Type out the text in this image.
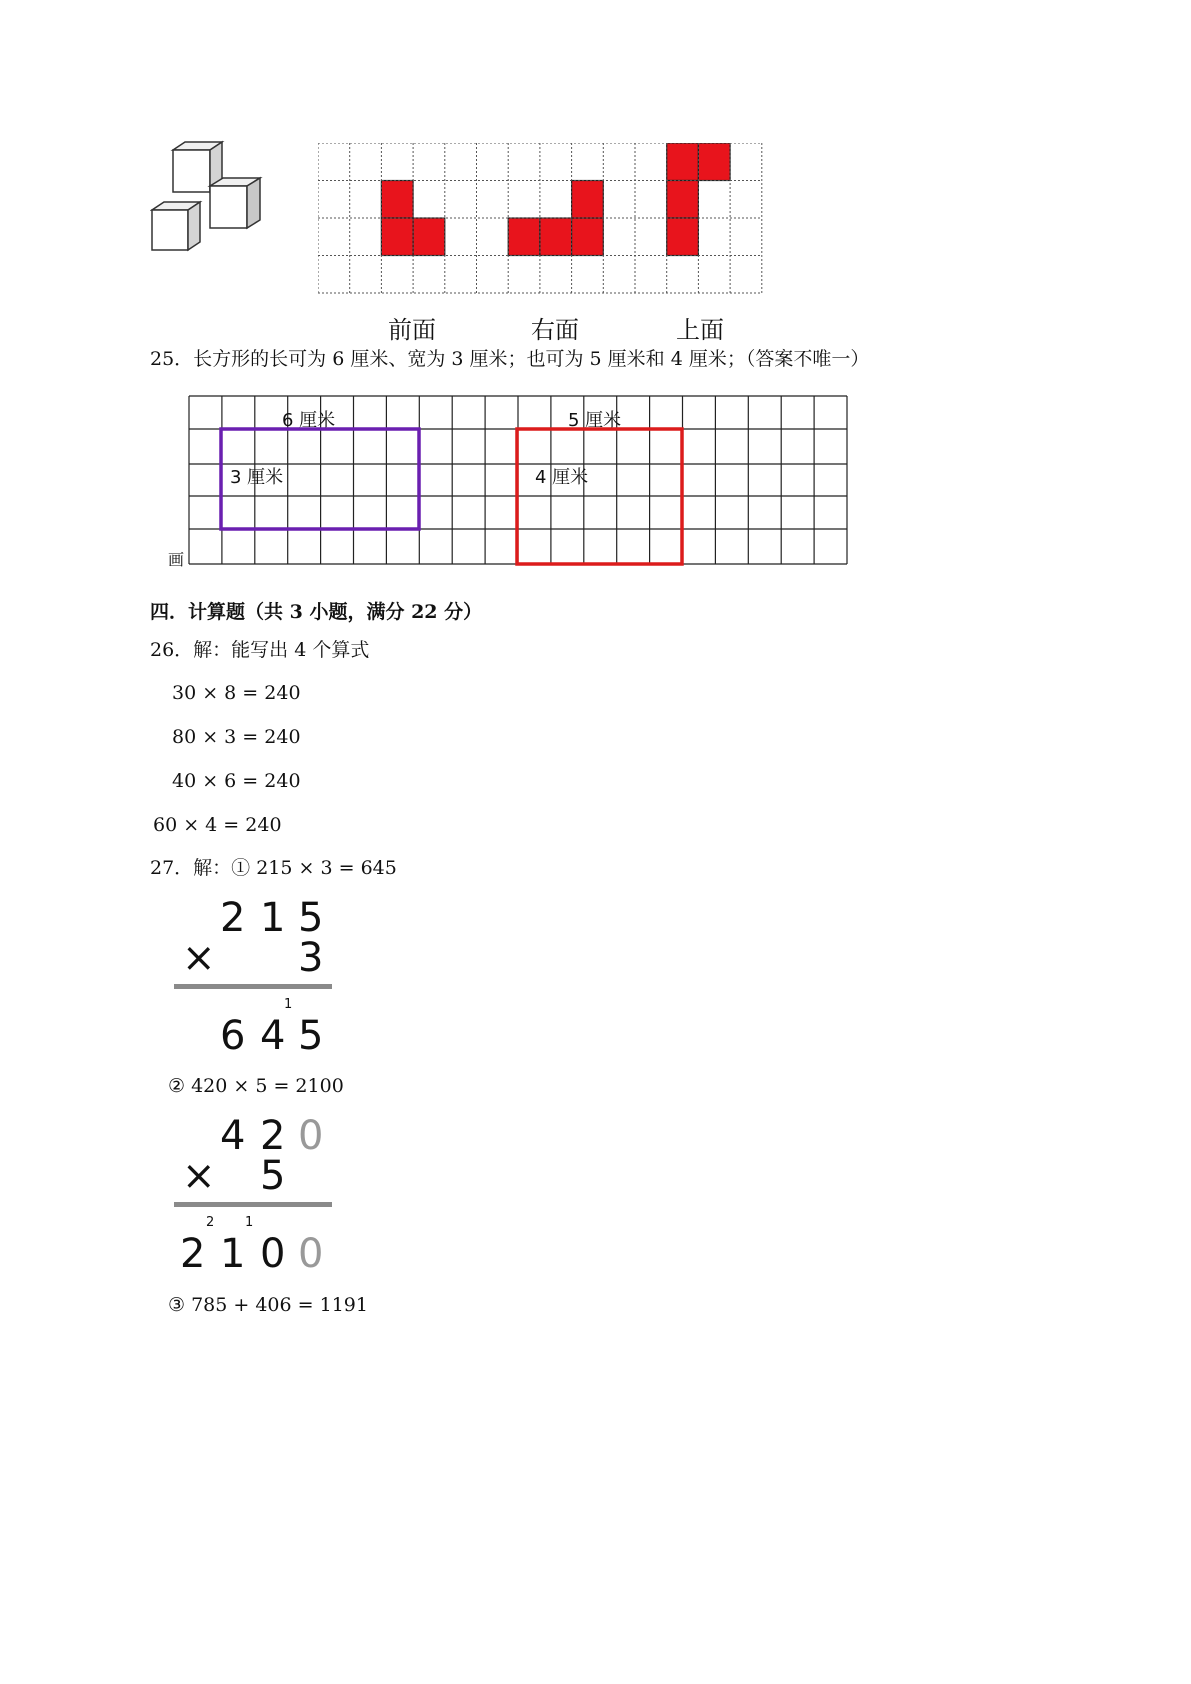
前面	右面	上面
25．长方形的长可为 6 厘米、宽为 3 厘米；也可为 5 厘米和 4 厘米；（答案不唯一）
6 厘米
3 厘米
5 厘米
4 厘米
画
四．计算题（共 3 小题，满分 22 分）
26．解：能写出 4 个算式
30 × 8 = 240
80 × 3 = 240
40 × 6 = 240
60 × 4 = 240
27．解：① 215 × 3 = 645
2 1 5
× 3
1
6 4 5
② 420 × 5 = 2100
4 2 0
× 5
2 1
2 1 0 0
③ 785 + 406 = 1191
